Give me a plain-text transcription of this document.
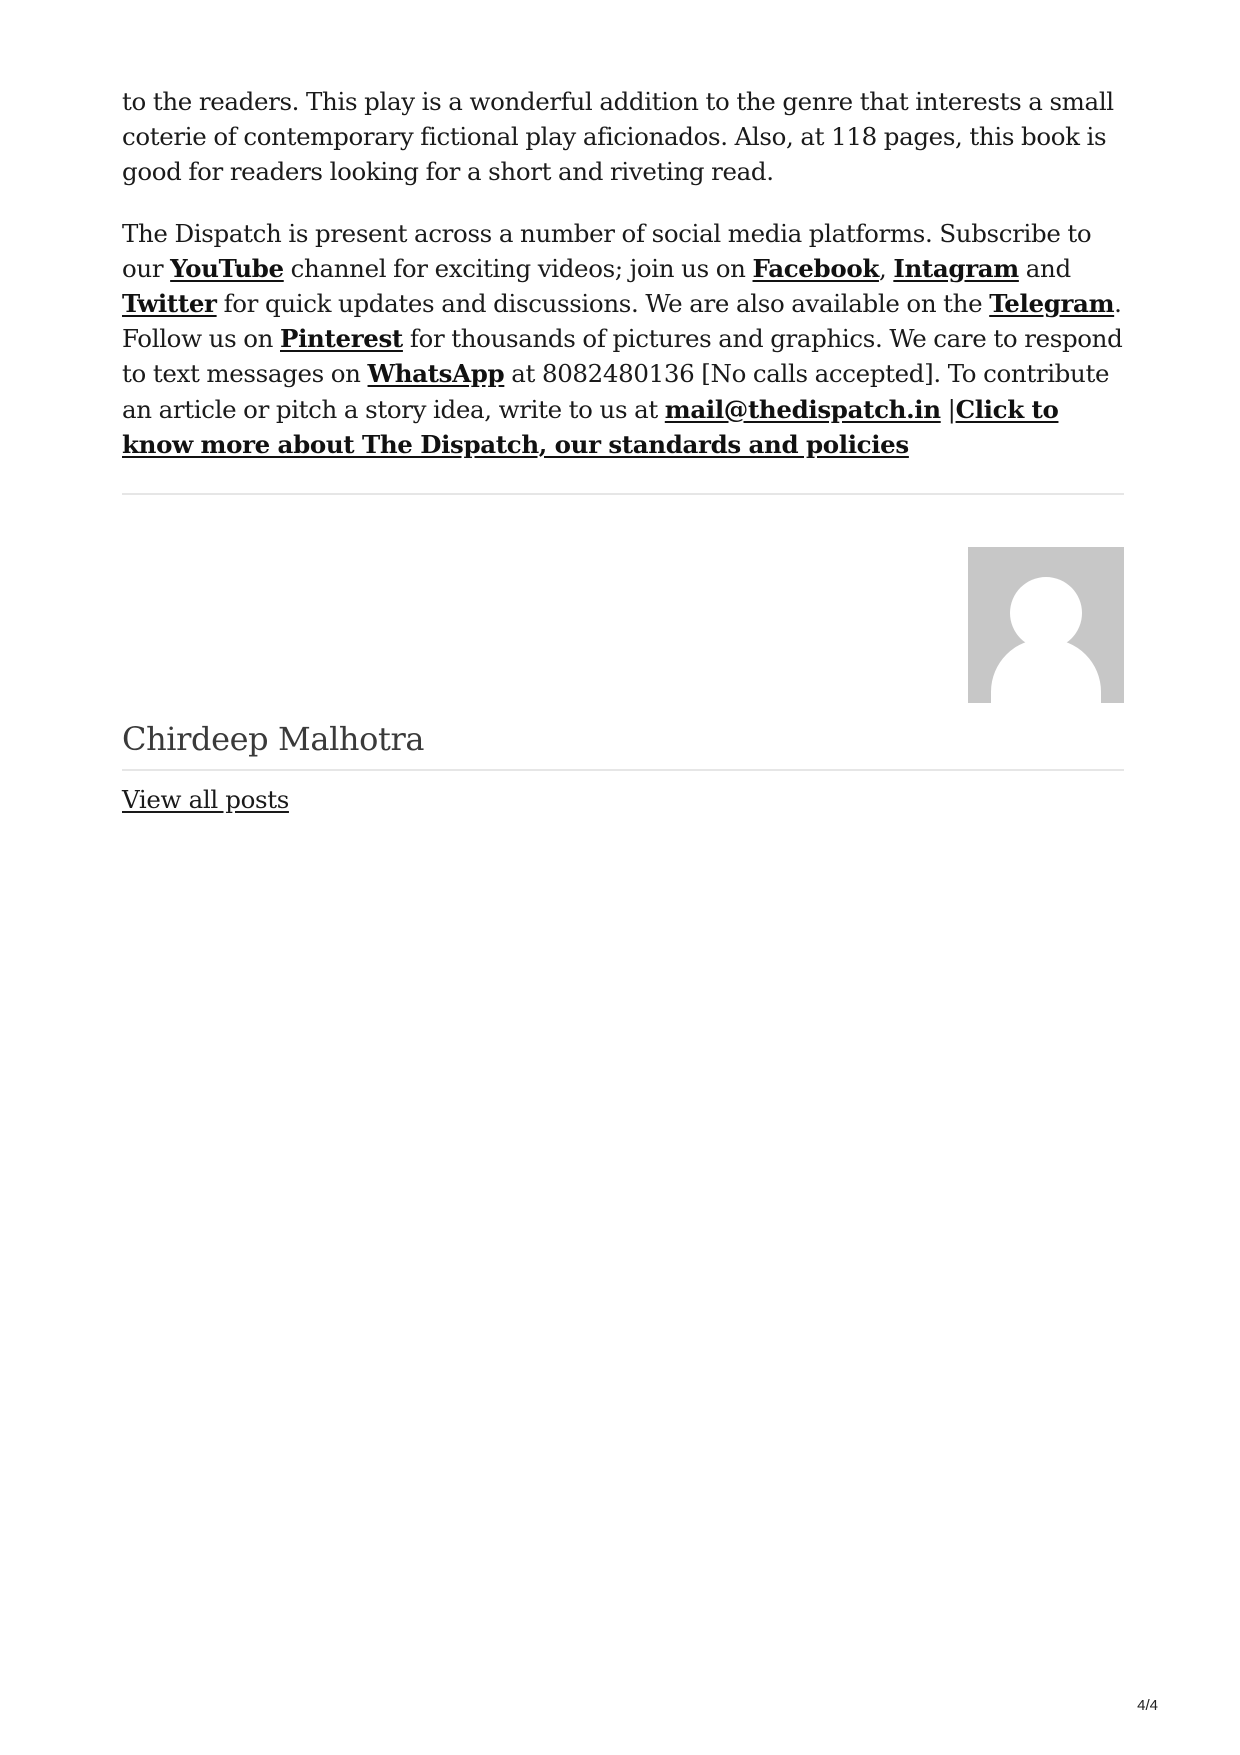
to the readers. This play is a wonderful addition to the genre that interests a small coterie of contemporary fictional play aficionados. Also, at 118 pages, this book is good for readers looking for a short and riveting read.

The Dispatch is present across a number of social media platforms. Subscribe to our YouTube channel for exciting videos; join us on Facebook, Intagram and Twitter for quick updates and discussions. We are also available on the Telegram. Follow us on Pinterest for thousands of pictures and graphics. We care to respond to text messages on WhatsApp at 8082480136 [No calls accepted]. To contribute an article or pitch a story idea, write to us at mail@thedispatch.in |Click to know more about The Dispatch, our standards and policies

Chirdeep Malhotra
View all posts
4/4
